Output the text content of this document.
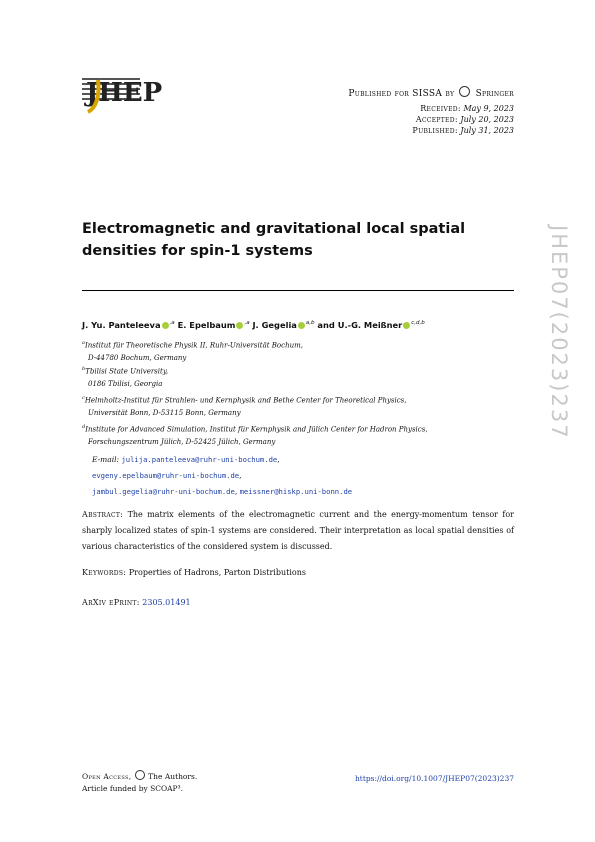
JHEP	Published for SISSA by Springer
Received: May 9, 2023
Accepted: July 20, 2023
Published: July 31, 2023
Electromagnetic and gravitational local spatial
densities for spin-1 systems
J. Yu. Panteleeva $^{,a}$ E. Epelbaum $^{,a}$ J. Gegelia $^{a,b}$ and U.-G. Meißner $^{c,d,b}$
$^a$Institut für Theoretische Physik II, Ruhr-Universität Bochum,
D-44780 Bochum, Germany
$^b$Tbilisi State University,
0186 Tbilisi, Georgia
$^c$Helmholtz-Institut für Strahlen- und Kernphysik and Bethe Center for Theoretical Physics,
Universität Bonn, D-53115 Bonn, Germany
$^d$Institute for Advanced Simulation, Institut für Kernphysik and Jülich Center for Hadron Physics,
Forschungszentrum Jülich, D-52425 Jülich, Germany
E-mail: julija.panteleeva@ruhr-uni-bochum.de,
evgeny.epelbaum@ruhr-uni-bochum.de,
jambul.gegelia@ruhr-uni-bochum.de, meissner@hiskp.uni-bonn.de
Abstract: The matrix elements of the electromagnetic current and the energy-momentum tensor for sharply localized states of spin-1 systems are considered. Their interpretation as local spatial densities of various characteristics of the considered system is discussed.
Keywords: Properties of Hadrons, Parton Distributions
ArXiv ePrint: 2305.01491
Open Access, The Authors.
Article funded by SCOAP³.
https://doi.org/10.1007/JHEP07(2023)237
JHEP07(2023)237
